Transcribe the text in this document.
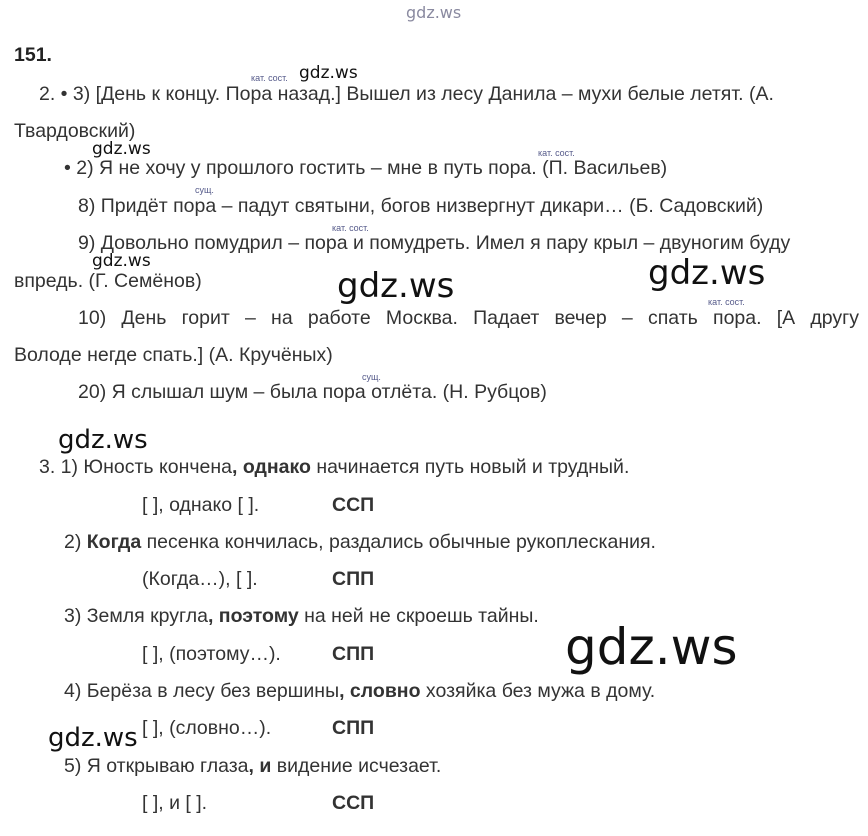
gdz.ws
151.
кат. сост. gdz.ws
2. • 3) [День к концу. Пора назад.] Вышел из лесу Данила – мухи белые летят. (А.
Твардовский)
gdz.ws	кат. сост.
• 2) Я не хочу у прошлого гостить – мне в путь пора. (П. Васильев)
сущ.
8) Придёт пора – падут святыни, богов низвергнут дикари… (Б. Садовский)
кат. сост.
9) Довольно помудрил – пора и помудреть. Имел я пару крыл – двуногим буду
gdz.ws
впредь. (Г. Семёнов)	gdz.ws	gdz.ws
кат. сост.
10) День горит – на работе Москва. Падает вечер – спать пора. [А другу
Володе негде спать.] (А. Кручёных)
сущ.
20) Я слышал шум – была пора отлёта. (Н. Рубцов)
gdz.ws
3. 1) Юность кончена, однако начинается путь новый и трудный.
[ ], однако [ ].	ССП
2) Когда песенка кончилась, раздались обычные рукоплескания.
(Когда…), [ ].	СПП
3) Земля кругла, поэтому на ней не скроешь тайны.
[ ], (поэтому…).	СПП	gdz.ws
4) Берёза в лесу без вершины, словно хозяйка без мужа в дому.
[ ], (словно…).	СПП
gdz.ws
5) Я открываю глаза, и видение исчезает.
[ ], и [ ].	ССП
